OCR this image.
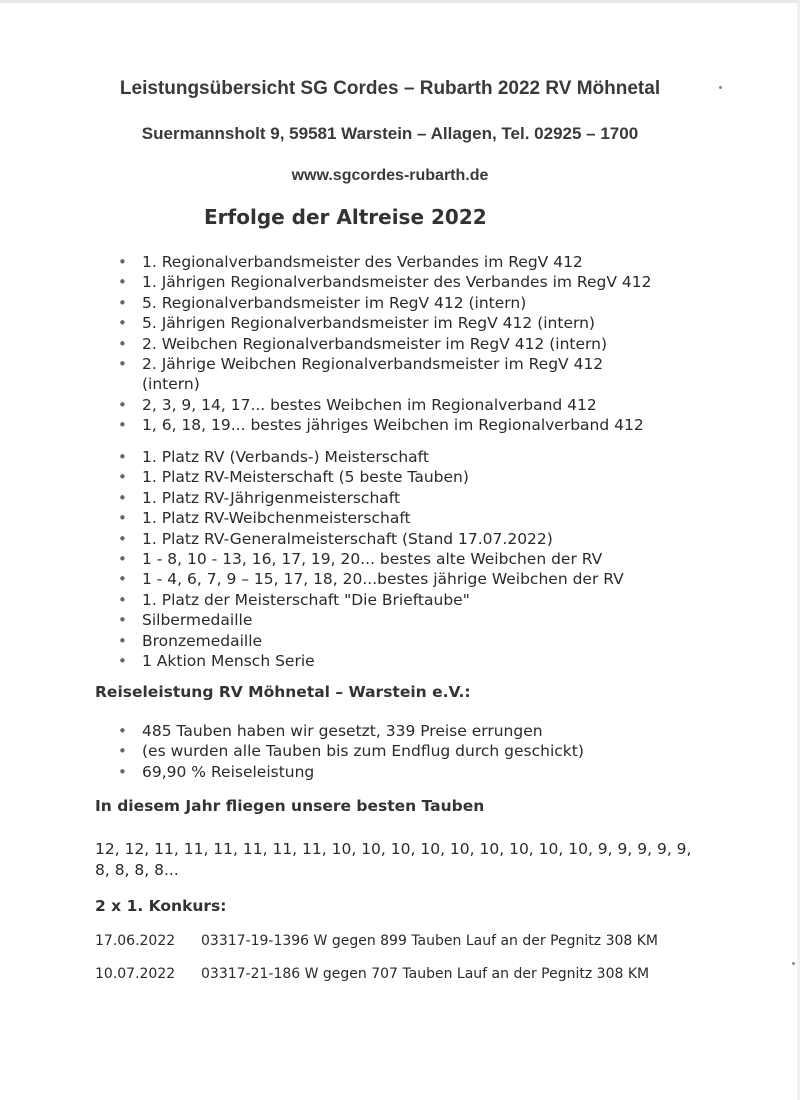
Leistungsübersicht SG Cordes – Rubarth 2022 RV Möhnetal
Suermannsholt 9, 59581 Warstein – Allagen, Tel. 02925 – 1700
www.sgcordes-rubarth.de
Erfolge der Altreise 2022
• 1. Regionalverbandsmeister des Verbandes im RegV 412
• 1. Jährigen Regionalverbandsmeister des Verbandes im RegV 412
• 5. Regionalverbandsmeister im RegV 412 (intern)
• 5. Jährigen Regionalverbandsmeister im RegV 412 (intern)
• 2. Weibchen Regionalverbandsmeister im RegV 412 (intern)
• 2. Jährige Weibchen Regionalverbandsmeister im RegV 412 (intern)
• 2, 3, 9, 14, 17... bestes Weibchen im Regionalverband 412
• 1, 6, 18, 19... bestes jähriges Weibchen im Regionalverband 412
• 1. Platz RV (Verbands-) Meisterschaft
• 1. Platz RV-Meisterschaft (5 beste Tauben)
• 1. Platz RV-Jährigenmeisterschaft
• 1. Platz RV-Weibchenmeisterschaft
• 1. Platz RV-Generalmeisterschaft (Stand 17.07.2022)
• 1 - 8, 10 - 13, 16, 17, 19, 20... bestes alte Weibchen der RV
• 1 - 4, 6, 7, 9 – 15, 17, 18, 20...bestes jährige Weibchen der RV
• 1. Platz der Meisterschaft "Die Brieftaube"
• Silbermedaille
• Bronzemedaille
• 1 Aktion Mensch Serie
Reiseleistung RV Möhnetal – Warstein e.V.:
• 485 Tauben haben wir gesetzt, 339 Preise errungen
• (es wurden alle Tauben bis zum Endflug durch geschickt)
• 69,90 % Reiseleistung
In diesem Jahr fliegen unsere besten Tauben
12, 12, 11, 11, 11, 11, 11, 11, 10, 10, 10, 10, 10, 10, 10, 10, 10, 9, 9, 9, 9, 9, 8, 8, 8, 8...
2 x 1. Konkurs:
17.06.2022 03317-19-1396 W gegen 899 Tauben Lauf an der Pegnitz 308 KM
10.07.2022 03317-21-186 W gegen 707 Tauben Lauf an der Pegnitz 308 KM
